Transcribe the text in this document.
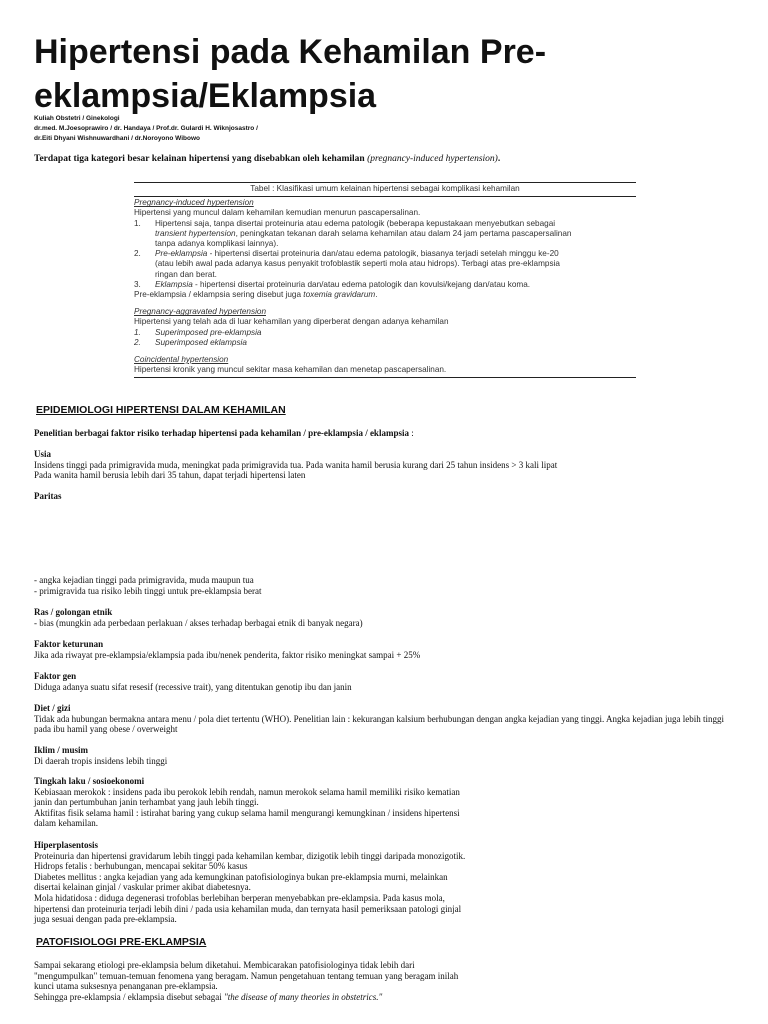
Hipertensi pada Kehamilan Pre-
eklampsia/Eklampsia
Kuliah Obstetri / Ginekologi
dr.med. M.Joesoprawiro / dr. Handaya / Prof.dr. Gulardi H. Wiknjosastro /
dr.Eiti Dhyani Wishnuwardhani / dr.Noroyono Wibowo
Terdapat tiga kategori besar kelainan hipertensi yang disebabkan oleh kehamilan (pregnancy-induced hypertension).
Tabel : Klasifikasi umum kelainan hipertensi sebagai komplikasi kehamilan
Pregnancy-induced hypertension
Hipertensi yang muncul dalam kehamilan kemudian menurun pascapersalinan.
1. Hipertensi saja, tanpa disertai proteinuria atau edema patologik (beberapa kepustakaan menyebutkan sebagai
transient hypertension, peningkatan tekanan darah selama kehamilan atau dalam 24 jam pertama pascapersalinan
tanpa adanya komplikasi lainnya).
2. Pre-eklampsia - hipertensi disertai proteinuria dan/atau edema patologik, biasanya terjadi setelah minggu ke-20
(atau lebih awal pada adanya kasus penyakit trofoblastik seperti mola atau hidrops). Terbagi atas pre-eklampsia
ringan dan berat.
3. Eklampsia - hipertensi disertai proteinuria dan/atau edema patologik dan kovulsi/kejang dan/atau koma.
Pre-eklampsia / eklampsia sering disebut juga toxemia gravidarum.
Pregnancy-aggravated hypertension
Hipertensi yang telah ada di luar kehamilan yang diperberat dengan adanya kehamilan
1. Superimposed pre-eklampsia
2. Superimposed eklampsia
Coincidental hypertension
Hipertensi kronik yang muncul sekitar masa kehamilan dan menetap pascapersalinan.
EPIDEMIOLOGI HIPERTENSI DALAM KEHAMILAN
Penelitian berbagai faktor risiko terhadap hipertensi pada kehamilan / pre-eklampsia / eklampsia :
Usia
Insidens tinggi pada primigravida muda, meningkat pada primigravida tua. Pada wanita hamil berusia kurang dari 25 tahun insidens > 3 kali lipat
Pada wanita hamil berusia lebih dari 35 tahun, dapat terjadi hipertensi laten
Paritas
- angka kejadian tinggi pada primigravida, muda maupun tua
- primigravida tua risiko lebih tinggi untuk pre-eklampsia berat
Ras / golongan etnik
- bias (mungkin ada perbedaan perlakuan / akses terhadap berbagai etnik di banyak negara)
Faktor keturunan
Jika ada riwayat pre-eklampsia/eklampsia pada ibu/nenek penderita, faktor risiko meningkat sampai + 25%
Faktor gen
Diduga adanya suatu sifat resesif (recessive trait), yang ditentukan genotip ibu dan janin
Diet / gizi
Tidak ada hubungan bermakna antara menu / pola diet tertentu (WHO). Penelitian lain : kekurangan kalsium berhubungan dengan angka kejadian yang tinggi. Angka kejadian juga lebih tinggi
pada ibu hamil yang obese / overweight
Iklim / musim
Di daerah tropis insidens lebih tinggi
Tingkah laku / sosioekonomi
Kebiasaan merokok : insidens pada ibu perokok lebih rendah, namun merokok selama hamil memiliki risiko kematian
janin dan pertumbuhan janin terhambat yang jauh lebih tinggi.
Aktifitas fisik selama hamil : istirahat baring yang cukup selama hamil mengurangi kemungkinan / insidens hipertensi
dalam kehamilan.
Hiperplasentosis
Proteinuria dan hipertensi gravidarum lebih tinggi pada kehamilan kembar, dizigotik lebih tinggi daripada monozigotik.
Hidrops fetalis : berhubungan, mencapai sekitar 50% kasus
Diabetes mellitus : angka kejadian yang ada kemungkinan patofisiologinya bukan pre-eklampsia murni, melainkan
disertai kelainan ginjal / vaskular primer akibat diabetesnya.
Mola hidatidosa : diduga degenerasi trofoblas berlebihan berperan menyebabkan pre-eklampsia. Pada kasus mola,
hipertensi dan proteinuria terjadi lebih dini / pada usia kehamilan muda, dan ternyata hasil pemeriksaan patologi ginjal
juga sesuai dengan pada pre-eklampsia.
PATOFISIOLOGI PRE-EKLAMPSIA
Sampai sekarang etiologi pre-eklampsia belum diketahui. Membicarakan patofisiologinya tidak lebih dari
"mengumpulkan" temuan-temuan fenomena yang beragam. Namun pengetahuan tentang temuan yang beragam inilah
kunci utama suksesnya penanganan pre-eklampsia.
Sehingga pre-eklampsia / eklampsia disebut sebagai "the disease of many theories in obstetrics."
